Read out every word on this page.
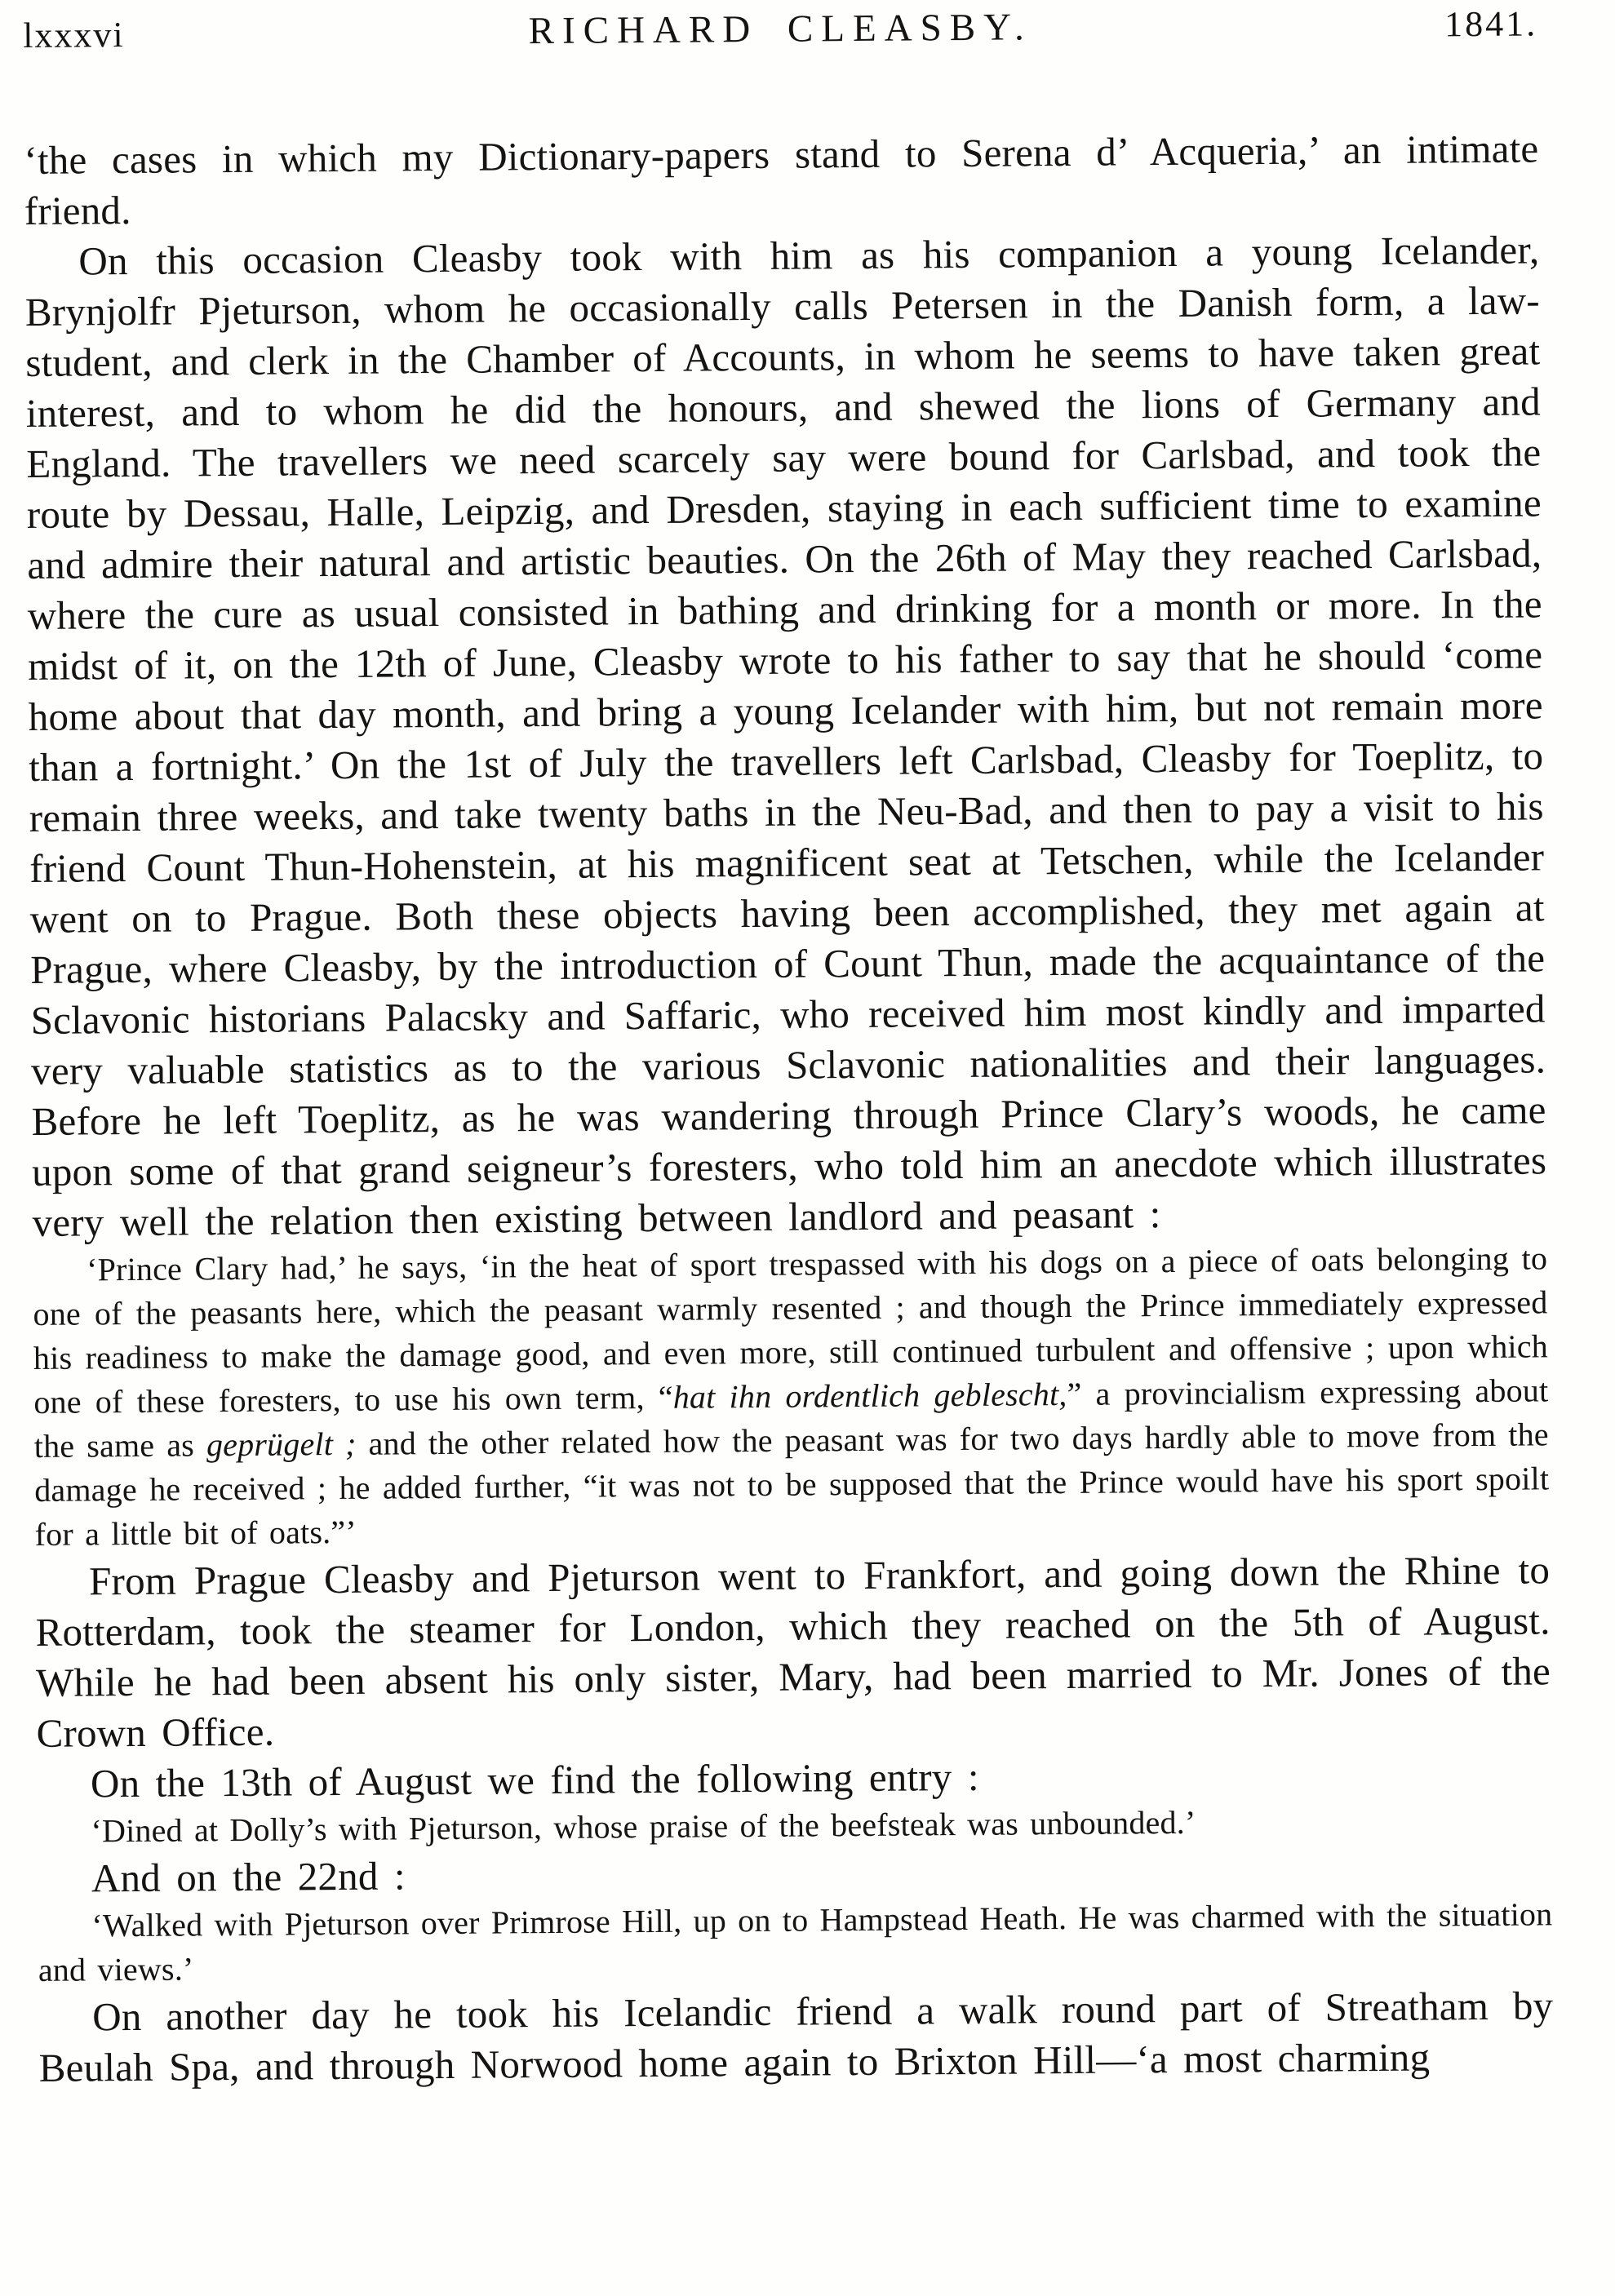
lxxxvi	RICHARD CLEASBY.	1841.

‘the cases in which my Dictionary-papers stand to Serena d’ Acqueria,’ an intimate friend.

On this occasion Cleasby took with him as his companion a young Icelander, Brynjolfr Pjeturson, whom he occasionally calls Petersen in the Danish form, a law-student, and clerk in the Chamber of Accounts, in whom he seems to have taken great interest, and to whom he did the honours, and shewed the lions of Germany and England. The travellers we need scarcely say were bound for Carlsbad, and took the route by Dessau, Halle, Leipzig, and Dresden, staying in each sufficient time to examine and admire their natural and artistic beauties. On the 26th of May they reached Carlsbad, where the cure as usual consisted in bathing and drinking for a month or more. In the midst of it, on the 12th of June, Cleasby wrote to his father to say that he should ‘come home about that day month, and bring a young Icelander with him, but not remain more than a fortnight.’ On the 1st of July the travellers left Carlsbad, Cleasby for Toeplitz, to remain three weeks, and take twenty baths in the Neu-Bad, and then to pay a visit to his friend Count Thun-Hohenstein, at his magnificent seat at Tetschen, while the Icelander went on to Prague. Both these objects having been accomplished, they met again at Prague, where Cleasby, by the introduction of Count Thun, made the acquaintance of the Sclavonic historians Palacsky and Saffaric, who received him most kindly and imparted very valuable statistics as to the various Sclavonic nationalities and their languages. Before he left Toeplitz, as he was wandering through Prince Clary’s woods, he came upon some of that grand seigneur’s foresters, who told him an anecdote which illustrates very well the relation then existing between landlord and peasant :

‘Prince Clary had,’ he says, ‘in the heat of sport trespassed with his dogs on a piece of oats belonging to one of the peasants here, which the peasant warmly resented ; and though the Prince immediately expressed his readiness to make the damage good, and even more, still continued turbulent and offensive ; upon which one of these foresters, to use his own term, “hat ihn ordentlich geblescht,” a provincialism expressing about the same as geprügelt ; and the other related how the peasant was for two days hardly able to move from the damage he received ; he added further, “it was not to be supposed that the Prince would have his sport spoilt for a little bit of oats.”’

From Prague Cleasby and Pjeturson went to Frankfort, and going down the Rhine to Rotterdam, took the steamer for London, which they reached on the 5th of August. While he had been absent his only sister, Mary, had been married to Mr. Jones of the Crown Office.

On the 13th of August we find the following entry :

‘Dined at Dolly’s with Pjeturson, whose praise of the beefsteak was unbounded.’

And on the 22nd :

‘Walked with Pjeturson over Primrose Hill, up on to Hampstead Heath. He was charmed with the situation and views.’

On another day he took his Icelandic friend a walk round part of Streatham by Beulah Spa, and through Norwood home again to Brixton Hill—‘a most charming
